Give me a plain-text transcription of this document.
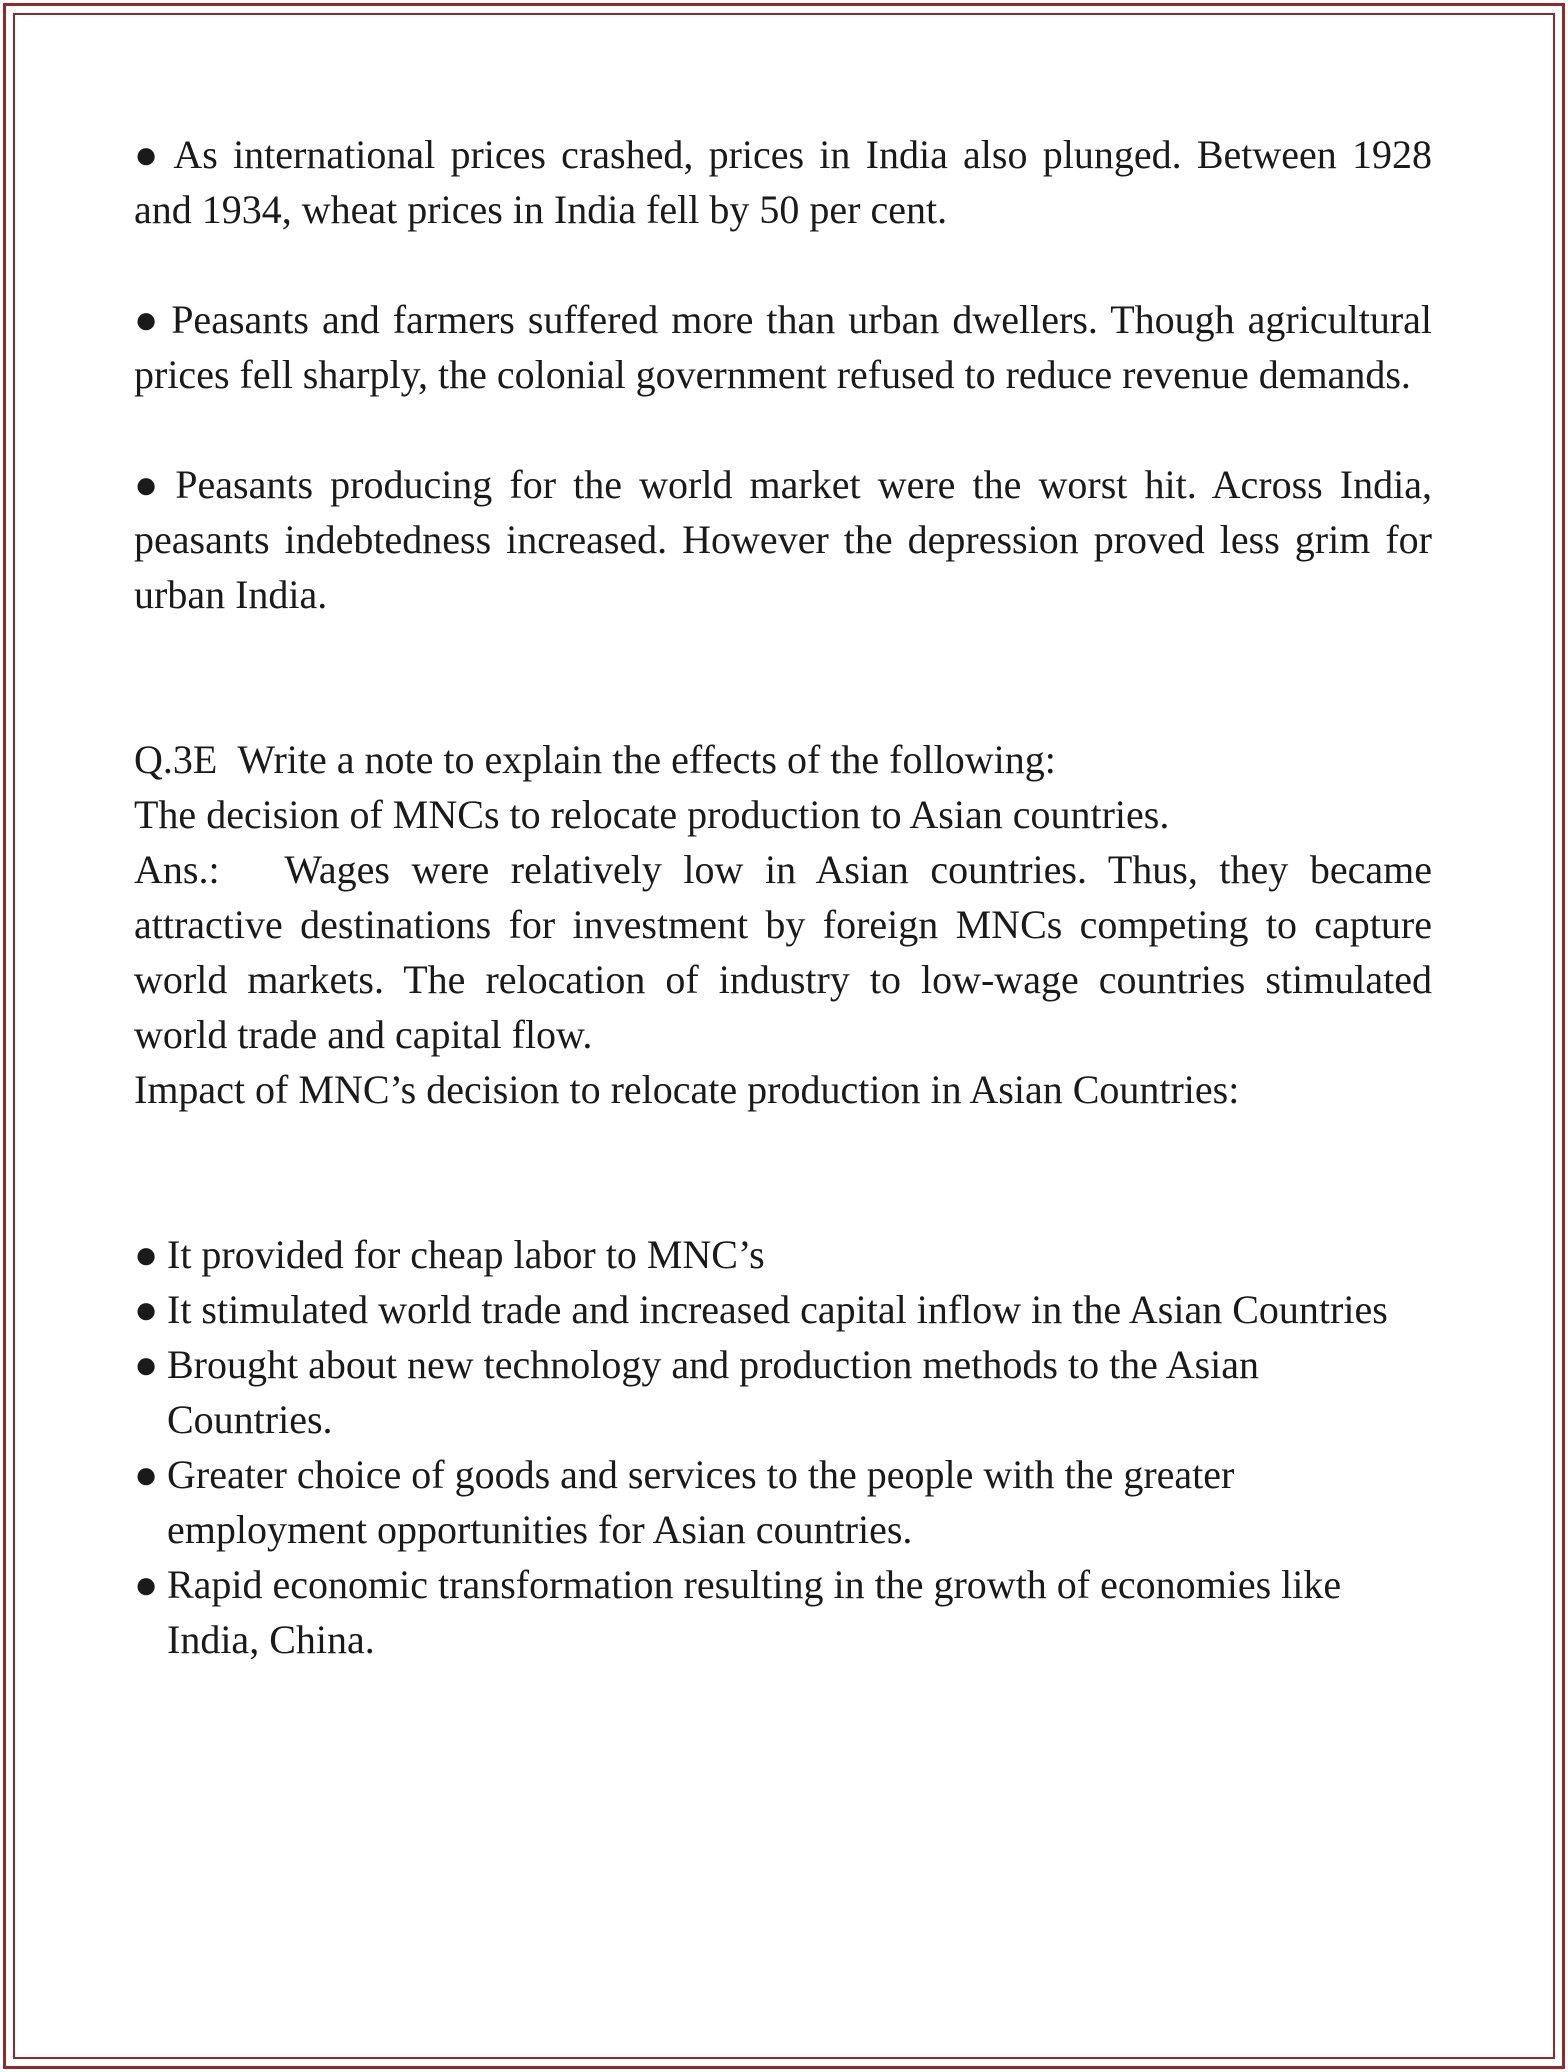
● As international prices crashed, prices in India also plunged. Between 1928 and 1934, wheat prices in India fell by 50 per cent.

● Peasants and farmers suffered more than urban dwellers. Though agricultural prices fell sharply, the colonial government refused to reduce revenue demands.

● Peasants producing for the world market were the worst hit. Across India, peasants indebtedness increased. However the depression proved less grim for urban India.

Q.3E Write a note to explain the effects of the following:

The decision of MNCs to relocate production to Asian countries.

Ans.: Wages were relatively low in Asian countries. Thus, they became attractive destinations for investment by foreign MNCs competing to capture world markets. The relocation of industry to low-wage countries stimulated world trade and capital flow.

Impact of MNC’s decision to relocate production in Asian Countries:

● It provided for cheap labor to MNC’s
● It stimulated world trade and increased capital inflow in the Asian Countries
● Brought about new technology and production methods to the Asian Countries.
● Greater choice of goods and services to the people with the greater employment opportunities for Asian countries.
● Rapid economic transformation resulting in the growth of economies like India, China.
